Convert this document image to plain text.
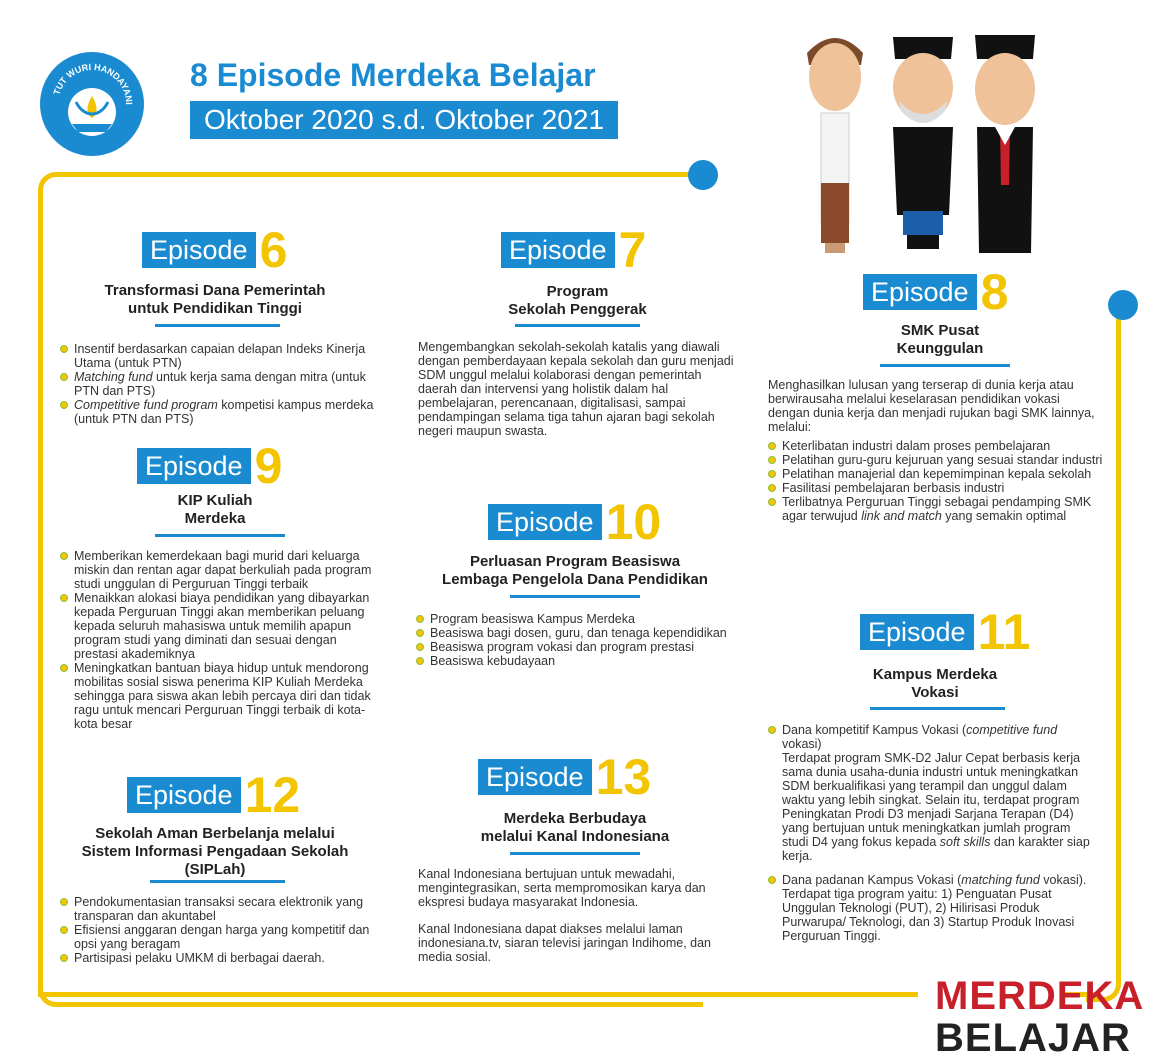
TUT WURI HANDAYANI
8 Episode Merdeka Belajar
Oktober 2020 s.d. Oktober 2021
Episode 6
Transformasi Dana Pemerintah
untuk Pendidikan Tinggi
Insentif berdasarkan capaian delapan Indeks Kinerja Utama (untuk PTN)
Matching fund untuk kerja sama dengan mitra (untuk PTN dan PTS)
Competitive fund program kompetisi kampus merdeka (untuk PTN dan PTS)
Episode 7
Program
Sekolah Penggerak

Mengembangkan sekolah-sekolah katalis yang diawali dengan pemberdayaan kepala sekolah dan guru menjadi SDM unggul melalui kolaborasi dengan pemerintah daerah dan intervensi yang holistik dalam hal pembelajaran, perencanaan, digitalisasi, sampai pendampingan selama tiga tahun ajaran bagi sekolah negeri maupun swasta.

Episode 8
SMK Pusat
Keunggulan

Menghasilkan lulusan yang terserap di dunia kerja atau berwirausaha melalui keselarasan pendidikan vokasi dengan dunia kerja dan menjadi rujukan bagi SMK lainnya, melalui:

Keterlibatan industri dalam proses pembelajaran
Pelatihan guru-guru kejuruan yang sesuai standar industri
Pelatihan manajerial dan kepemimpinan kepala sekolah
Fasilitasi pembelajaran berbasis industri
Terlibatnya Perguruan Tinggi sebagai pendamping SMK agar terwujud link and match yang semakin optimal
Episode 9
KIP Kuliah
Merdeka
Memberikan kemerdekaan bagi murid dari keluarga miskin dan rentan agar dapat berkuliah pada program studi unggulan di Perguruan Tinggi terbaik
Menaikkan alokasi biaya pendidikan yang dibayarkan kepada Perguruan Tinggi akan memberikan peluang kepada seluruh mahasiswa untuk memilih apapun program studi yang diminati dan sesuai dengan prestasi akademiknya
Meningkatkan bantuan biaya hidup untuk mendorong mobilitas sosial siswa penerima KIP Kuliah Merdeka sehingga para siswa akan lebih percaya diri dan tidak ragu untuk mencari Perguruan Tinggi terbaik di kota-kota besar
Episode 10
Perluasan Program Beasiswa
Lembaga Pengelola Dana Pendidikan
Program beasiswa Kampus Merdeka
Beasiswa bagi dosen, guru, dan tenaga kependidikan
Beasiswa program vokasi dan program prestasi
Beasiswa kebudayaan
Episode 11
Kampus Merdeka
Vokasi
Dana kompetitif Kampus Vokasi (competitive fund vokasi)
Terdapat program SMK-D2 Jalur Cepat berbasis kerja sama dunia usaha-dunia industri untuk meningkatkan SDM berkualifikasi yang terampil dan unggul dalam waktu yang lebih singkat. Selain itu, terdapat program Peningkatan Prodi D3 menjadi Sarjana Terapan (D4) yang bertujuan untuk meningkatkan jumlah program studi D4 yang fokus kepada soft skills dan karakter siap kerja.
Dana padanan Kampus Vokasi (matching fund vokasi).
Terdapat tiga program yaitu: 1) Penguatan Pusat Unggulan Teknologi (PUT), 2) Hilirisasi Produk Purwarupa/ Teknologi, dan 3) Startup Produk Inovasi Perguruan Tinggi.
Episode 12
Sekolah Aman Berbelanja melalui
Sistem Informasi Pengadaan Sekolah
(SIPLah)
Pendokumentasian transaksi secara elektronik yang transparan dan akuntabel
Efisiensi anggaran dengan harga yang kompetitif dan opsi yang beragam
Partisipasi pelaku UMKM di berbagai daerah.
Episode 13
Merdeka Berbudaya
melalui Kanal Indonesiana

Kanal Indonesiana bertujuan untuk mewadahi, mengintegrasikan, serta mempromosikan karya dan ekspresi budaya masyarakat Indonesia.

Kanal Indonesiana dapat diakses melalui laman indonesiana.tv, siaran televisi jaringan Indihome, dan media sosial.

MERDEKA
BELAJAR
